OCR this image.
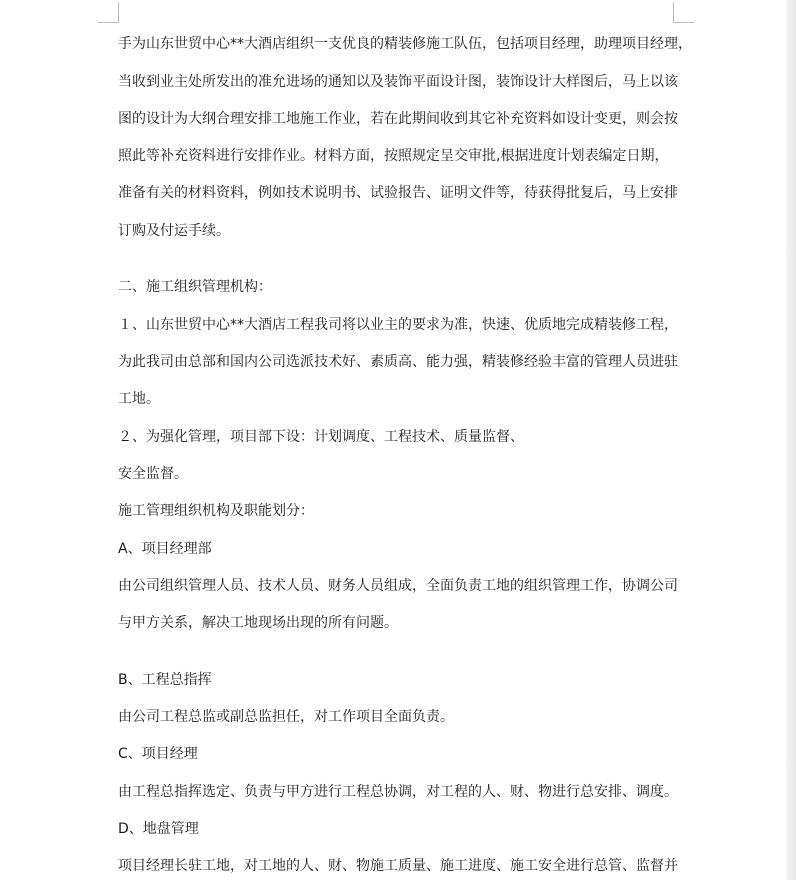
手为山东世贸中心**大酒店组织一支优良的精装修施工队伍，包括项目经理，助理项目经理，
当收到业主处所发出的准允进场的通知以及装饰平面设计图，装饰设计大样图后，马上以该
图的设计为大纲合理安排工地施工作业，若在此期间收到其它补充资料如设计变更，则会按
照此等补充资料进行安排作业。材料方面，按照规定呈交审批,根据进度计划表编定日期，
准备有关的材料资料，例如技术说明书、试验报告、证明文件等，待获得批复后，马上安排
订购及付运手续。
二、施工组织管理机构：
１、山东世贸中心**大酒店工程我司将以业主的要求为准，快速、优质地完成精装修工程，
为此我司由总部和国内公司选派技术好、素质高、能力强，精装修经验丰富的管理人员进驻
工地。
２、为强化管理，项目部下设：计划调度、工程技术、质量监督、
安全监督。
施工管理组织机构及职能划分：
A、项目经理部
由公司组织管理人员、技术人员、财务人员组成，全面负责工地的组织管理工作，协调公司
与甲方关系，解决工地现场出现的所有问题。
B、工程总指挥
由公司工程总监或副总监担任，对工作项目全面负责。
C、项目经理
由工程总指挥选定、负责与甲方进行工程总协调，对工程的人、财、物进行总安排、调度。
D、地盘管理
项目经理长驻工地，对工地的人、财、物施工质量、施工进度、施工安全进行总管、监督并
